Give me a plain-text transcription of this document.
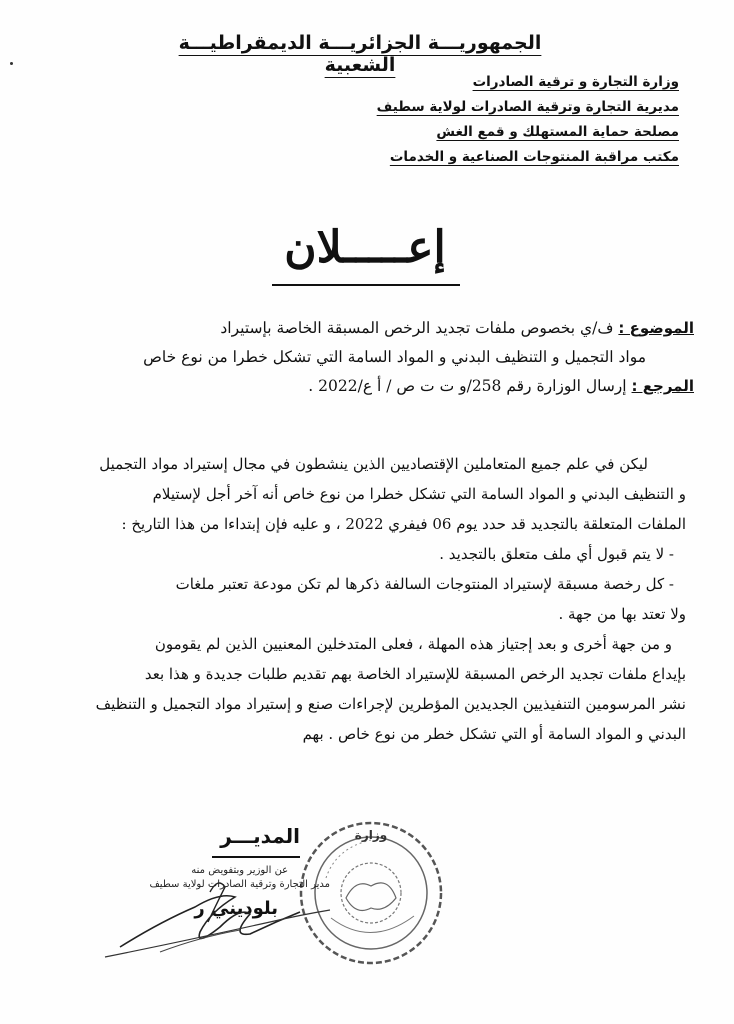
الجمهوريـــة الجزائريـــة الديمقراطيـــة الشعبية
وزارة التجارة و ترقية الصادرات
مديرية التجارة وترقية الصادرات لولاية سطيف
مصلحة حماية المستهلك و قمع الغش
مكتب مراقبة المنتوجات الصناعية و الخدمات
إعـــــلان
الموضوع : ف/ي بخصوص ملفات تجديد الرخص المسبقة الخاصة بإستيراد
مواد التجميل و التنظيف البدني و المواد السامة التي تشكل خطرا من نوع خاص
المرجع : إرسال الوزارة رقم 258/و ت ت ص / أ ع/2022 .
ليكن في علم جميع المتعاملين الإقتصاديين الذين ينشطون في مجال إستيراد مواد التجميل
و التنظيف البدني و المواد السامة التي تشكل خطرا من نوع خاص أنه آخر أجل لإستيلام
الملفات المتعلقة بالتجديد قد حدد يوم 06 فيفري 2022 ، و عليه فإن إبتداءا من هذا التاريخ :
- لا يتم قبول أي ملف متعلق بالتجديد .
- كل رخصة مسبقة لإستيراد المنتوجات السالفة ذكرها لم تكن مودعة تعتبر ملغات
ولا تعتد بها من جهة .
و من جهة أخرى و بعد إجتياز هذه المهلة ، فعلى المتدخلين المعنيين الذين لم يقومون
بإيداع ملفات تجديد الرخص المسبقة للإستيراد الخاصة بهم تقديم طلبات جديدة و هذا بعد
نشر المرسومين التنفيذيين الجديدين المؤطرين لإجراءات صنع و إستيراد مواد التجميل و التنظيف
البدني و المواد السامة أو التي تشكل خطر من نوع خاص . بهم
وزارة
المديـــر
عن الوزير وبتفويض منه
مدير التجارة وترقية الصادرات لولاية سطيف
بلوديني ر
